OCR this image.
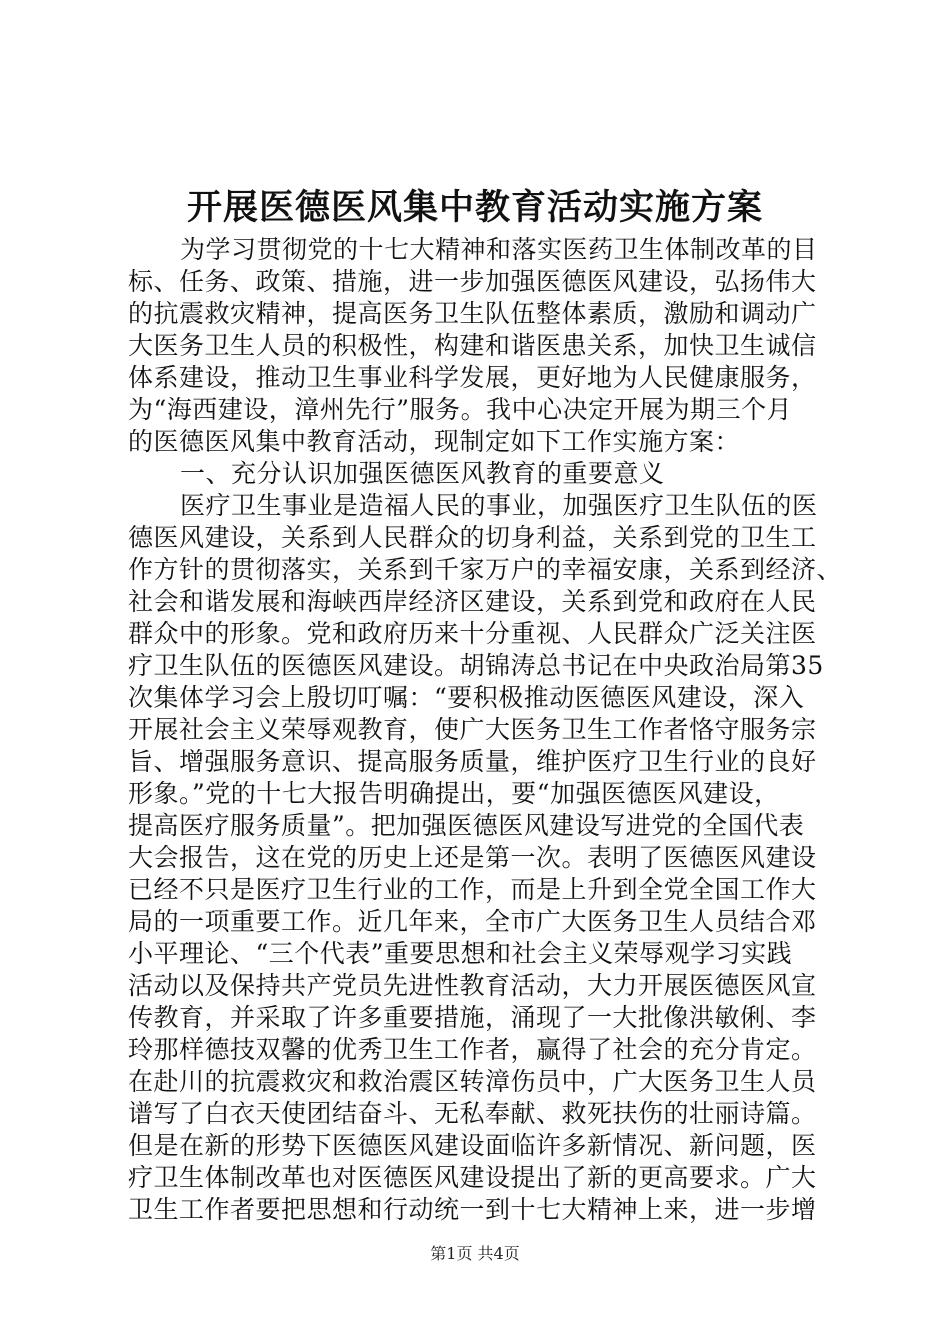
开展医德医风集中教育活动实施方案
为学习贯彻党的十七大精神和落实医药卫生体制改革的目
标、任务、政策、措施，进一步加强医德医风建设，弘扬伟大
的抗震救灾精神，提高医务卫生队伍整体素质，激励和调动广
大医务卫生人员的积极性，构建和谐医患关系，加快卫生诚信
体系建设，推动卫生事业科学发展，更好地为人民健康服务，
为“海西建设，漳州先行”服务。我中心决定开展为期三个月
的医德医风集中教育活动，现制定如下工作实施方案：
一、充分认识加强医德医风教育的重要意义
医疗卫生事业是造福人民的事业，加强医疗卫生队伍的医
德医风建设，关系到人民群众的切身利益，关系到党的卫生工
作方针的贯彻落实，关系到千家万户的幸福安康，关系到经济、
社会和谐发展和海峡西岸经济区建设，关系到党和政府在人民
群众中的形象。党和政府历来十分重视、人民群众广泛关注医
疗卫生队伍的医德医风建设。胡锦涛总书记在中央政治局第35
次集体学习会上殷切叮嘱：“要积极推动医德医风建设，深入
开展社会主义荣辱观教育，使广大医务卫生工作者恪守服务宗
旨、增强服务意识、提高服务质量，维护医疗卫生行业的良好
形象。”党的十七大报告明确提出，要“加强医德医风建设，
提高医疗服务质量”。把加强医德医风建设写进党的全国代表
大会报告，这在党的历史上还是第一次。表明了医德医风建设
已经不只是医疗卫生行业的工作，而是上升到全党全国工作大
局的一项重要工作。近几年来，全市广大医务卫生人员结合邓
小平理论、“三个代表”重要思想和社会主义荣辱观学习实践
活动以及保持共产党员先进性教育活动，大力开展医德医风宣
传教育，并采取了许多重要措施，涌现了一大批像洪敏俐、李
玲那样德技双馨的优秀卫生工作者，赢得了社会的充分肯定。
在赴川的抗震救灾和救治震区转漳伤员中，广大医务卫生人员
谱写了白衣天使团结奋斗、无私奉献、救死扶伤的壮丽诗篇。
但是在新的形势下医德医风建设面临许多新情况、新问题，医
疗卫生体制改革也对医德医风建设提出了新的更高要求。广大
卫生工作者要把思想和行动统一到十七大精神上来，进一步增
第1页 共4页
